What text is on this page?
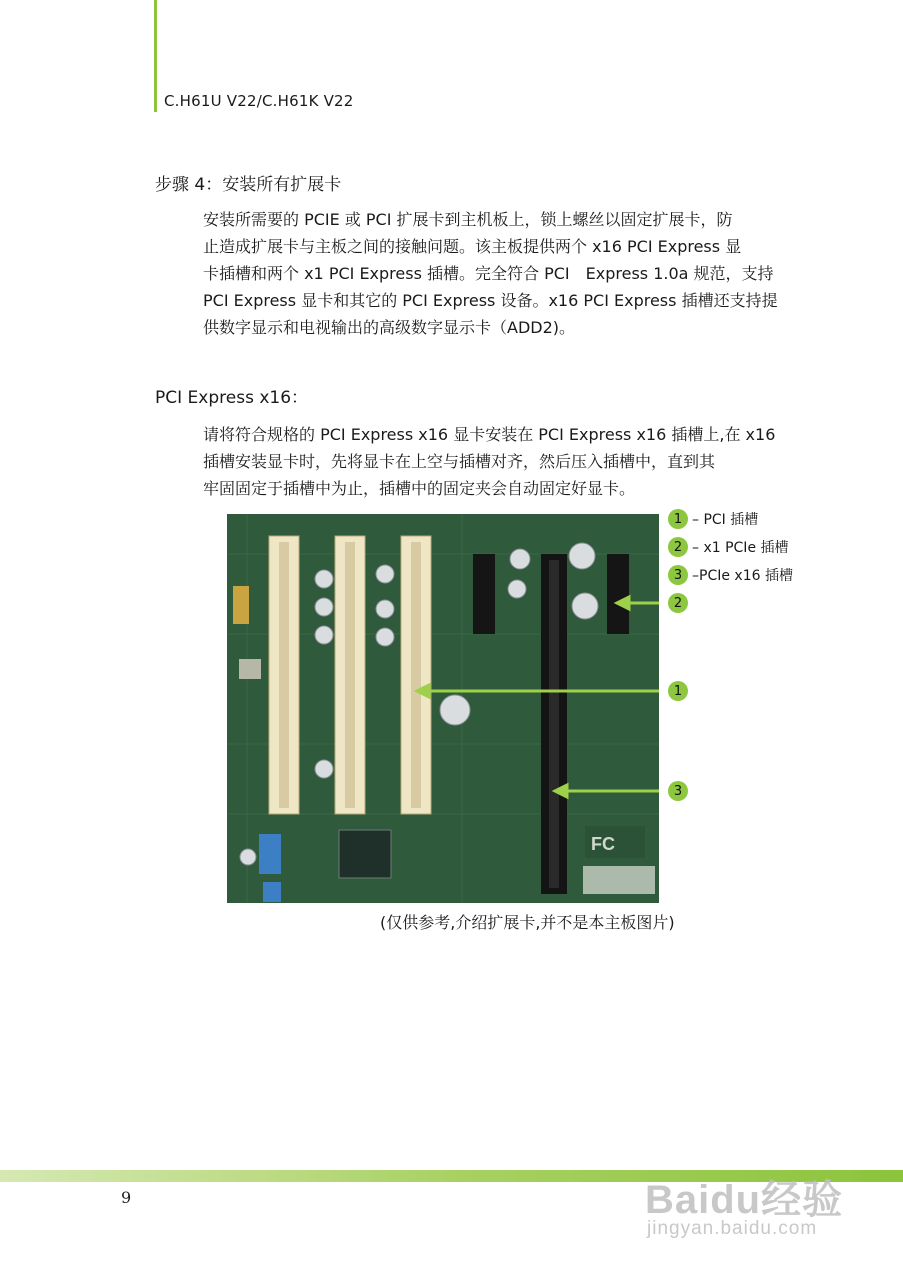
C.H61U V22/C.H61K V22
步骤 4：安装所有扩展卡
安装所需要的 PCIE 或 PCI 扩展卡到主机板上，锁上螺丝以固定扩展卡，防
止造成扩展卡与主板之间的接触问题。该主板提供两个 x16 PCI Express 显
卡插槽和两个 x1 PCI Express 插槽。完全符合 PCI　Express 1.0a 规范，支持
PCI Express 显卡和其它的 PCI Express 设备。x16 PCI Express 插槽还支持提
供数字显示和电视输出的高级数字显示卡（ADD2)。
PCI Express x16：
请将符合规格的 PCI Express x16 显卡安装在 PCI Express x16 插槽上,在 x16
插槽安装显卡时，先将显卡在上空与插槽对齐，然后压入插槽中，直到其
牢固固定于插槽中为止，插槽中的固定夹会自动固定好显卡。
FC
2
1
3
1 – PCI 插槽
2 – x1 PCIe 插槽
3 –PCIe x16 插槽
(仅供参考,介绍扩展卡,并不是本主板图片)
9	Baidu经验
jingyan.baidu.com
